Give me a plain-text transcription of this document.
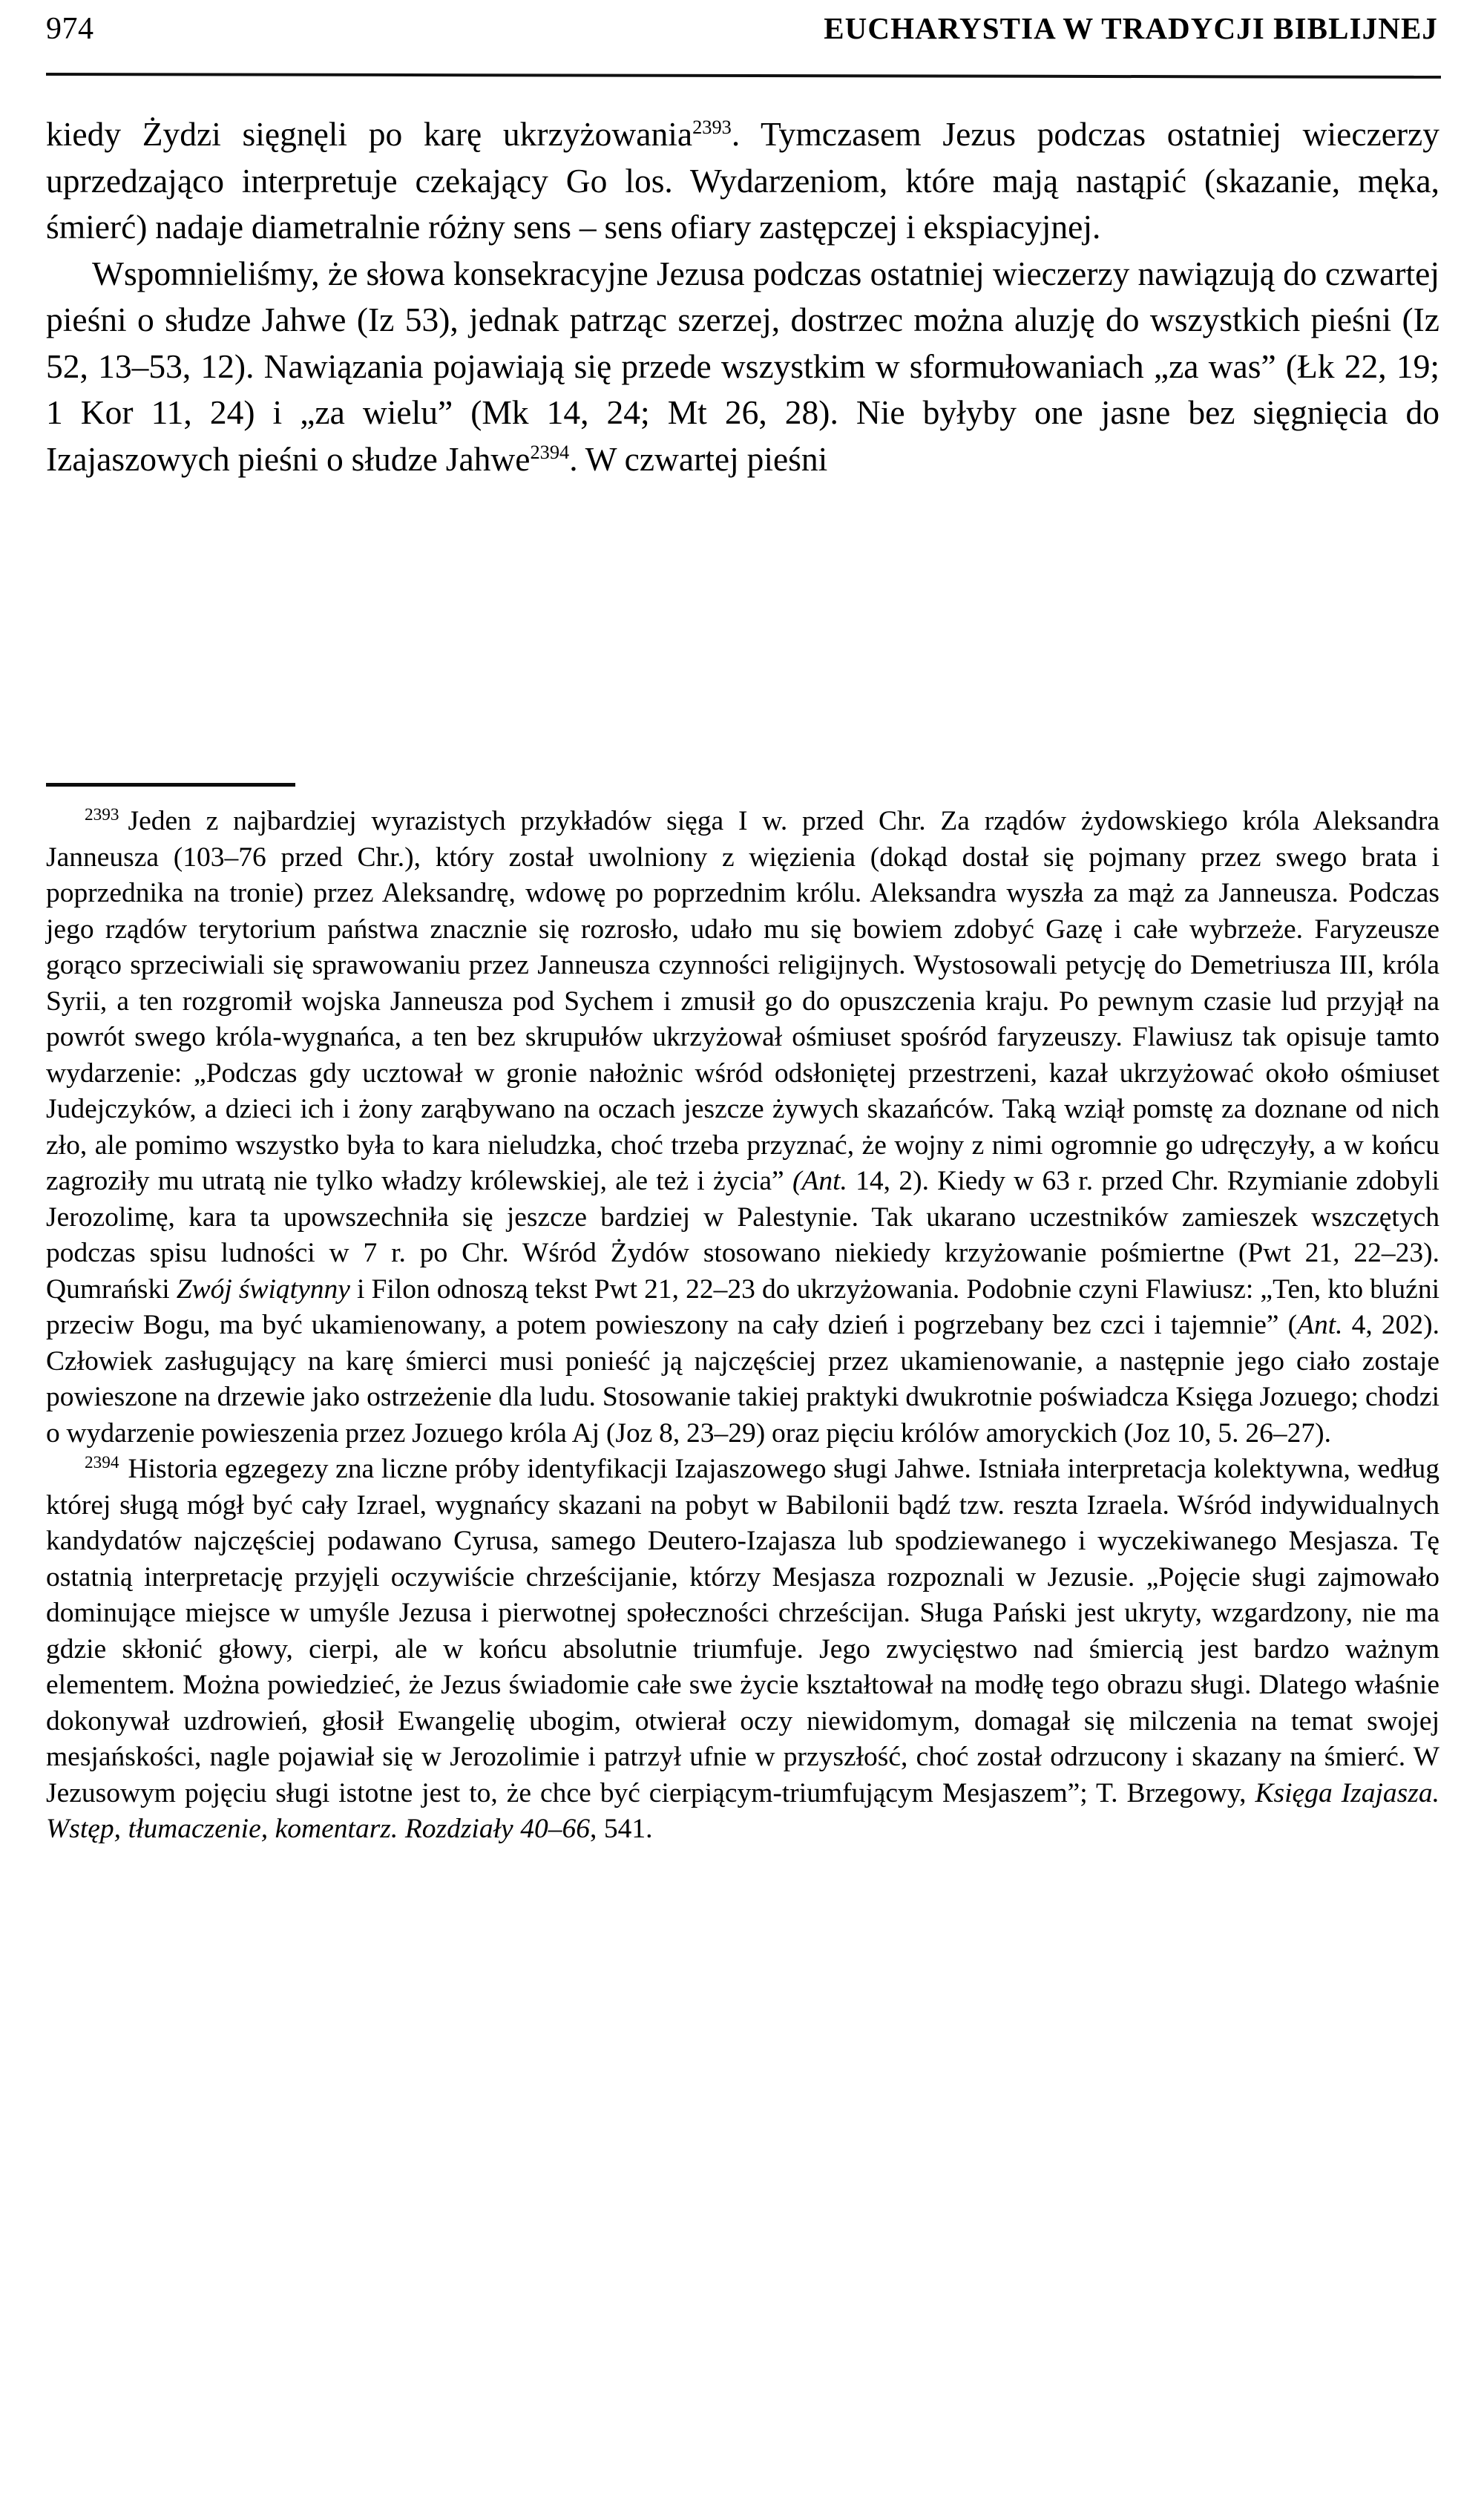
974	EUCHARYSTIA W TRADYCJI BIBLIJNEJ

kiedy Żydzi sięgnęli po karę ukrzyżowania$^{2393}$. Tymczasem Jezus podczas ostatniej wieczerzy uprzedzająco interpretuje czekający Go los. Wydarzeniom, które mają nastąpić (skazanie, męka, śmierć) nadaje diametralnie różny sens – sens ofiary zastępczej i ekspiacyjnej.

Wspomnieliśmy, że słowa konsekracyjne Jezusa podczas ostatniej wieczerzy nawiązują do czwartej pieśni o słudze Jahwe (Iz 53), jednak patrząc szerzej, dostrzec można aluzję do wszystkich pieśni (Iz 52, 13–53, 12). Nawiązania pojawiają się przede wszystkim w sformułowaniach „za was” (Łk 22, 19; 1 Kor 11, 24) i „za wielu” (Mk 14, 24; Mt 26, 28). Nie byłyby one jasne bez sięgnięcia do Izajaszowych pieśni o słudze Jahwe$^{2394}$. W czwartej pieśni

$^{2393}$ Jeden z najbardziej wyrazistych przykładów sięga I w. przed Chr. Za rządów żydowskiego króla Aleksandra Janneusza (103–76 przed Chr.), który został uwolniony z więzienia (dokąd dostał się pojmany przez swego brata i poprzednika na tronie) przez Aleksandrę, wdowę po poprzednim królu. Aleksandra wyszła za mąż za Janneusza. Podczas jego rządów terytorium państwa znacznie się rozrosło, udało mu się bowiem zdobyć Gazę i całe wybrzeże. Faryzeusze gorąco sprzeciwiali się sprawowaniu przez Janneusza czynności religijnych. Wystosowali petycję do Demetriusza III, króla Syrii, a ten rozgromił wojska Janneusza pod Sychem i zmusił go do opuszczenia kraju. Po pewnym czasie lud przyjął na powrót swego króla-wygnańca, a ten bez skrupułów ukrzyżował ośmiuset spośród faryzeuszy. Flawiusz tak opisuje tamto wydarzenie: „Podczas gdy ucztował w gronie nałożnic wśród odsłoniętej przestrzeni, kazał ukrzyżować około ośmiuset Judejczyków, a dzieci ich i żony zarąbywano na oczach jeszcze żywych skazańców. Taką wziął pomstę za doznane od nich zło, ale pomimo wszystko była to kara nieludzka, choć trzeba przyznać, że wojny z nimi ogromnie go udręczyły, a w końcu zagroziły mu utratą nie tylko władzy królewskiej, ale też i życia” (Ant. 14, 2). Kiedy w 63 r. przed Chr. Rzymianie zdobyli Jerozolimę, kara ta upowszechniła się jeszcze bardziej w Palestynie. Tak ukarano uczestników zamieszek wszczętych podczas spisu ludności w 7 r. po Chr. Wśród Żydów stosowano niekiedy krzyżowanie pośmiertne (Pwt 21, 22–23). Qumrański Zwój świątynny i Filon odnoszą tekst Pwt 21, 22–23 do ukrzyżowania. Podobnie czyni Flawiusz: „Ten, kto bluźni przeciw Bogu, ma być ukamienowany, a potem powieszony na cały dzień i pogrzebany bez czci i tajemnie” (Ant. 4, 202). Człowiek zasługujący na karę śmierci musi ponieść ją najczęściej przez ukamienowanie, a następnie jego ciało zostaje powieszone na drzewie jako ostrzeżenie dla ludu. Stosowanie takiej praktyki dwukrotnie poświadcza Księga Jozuego; chodzi o wydarzenie powieszenia przez Jozuego króla Aj (Joz 8, 23–29) oraz pięciu królów amoryckich (Joz 10, 5. 26–27).

$^{2394}$ Historia egzegezy zna liczne próby identyfikacji Izajaszowego sługi Jahwe. Istniała interpretacja kolektywna, według której sługą mógł być cały Izrael, wygnańcy skazani na pobyt w Babilonii bądź tzw. reszta Izraela. Wśród indywidualnych kandydatów najczęściej podawano Cyrusa, samego Deutero-Izajasza lub spodziewanego i wyczekiwanego Mesjasza. Tę ostatnią interpretację przyjęli oczywiście chrześcijanie, którzy Mesjasza rozpoznali w Jezusie. „Pojęcie sługi zajmowało dominujące miejsce w umyśle Jezusa i pierwotnej społeczności chrześcijan. Sługa Pański jest ukryty, wzgardzony, nie ma gdzie skłonić głowy, cierpi, ale w końcu absolutnie triumfuje. Jego zwycięstwo nad śmiercią jest bardzo ważnym elementem. Można powiedzieć, że Jezus świadomie całe swe życie kształtował na modłę tego obrazu sługi. Dlatego właśnie dokonywał uzdrowień, głosił Ewangelię ubogim, otwierał oczy niewidomym, domagał się milczenia na temat swojej mesjańskości, nagle pojawiał się w Jerozolimie i patrzył ufnie w przyszłość, choć został odrzucony i skazany na śmierć. W Jezusowym pojęciu sługi istotne jest to, że chce być cierpiącym-triumfującym Mesjaszem”; T. Brzegowy, Księga Izajasza. Wstęp, tłumaczenie, komentarz. Rozdziały 40–66, 541.
